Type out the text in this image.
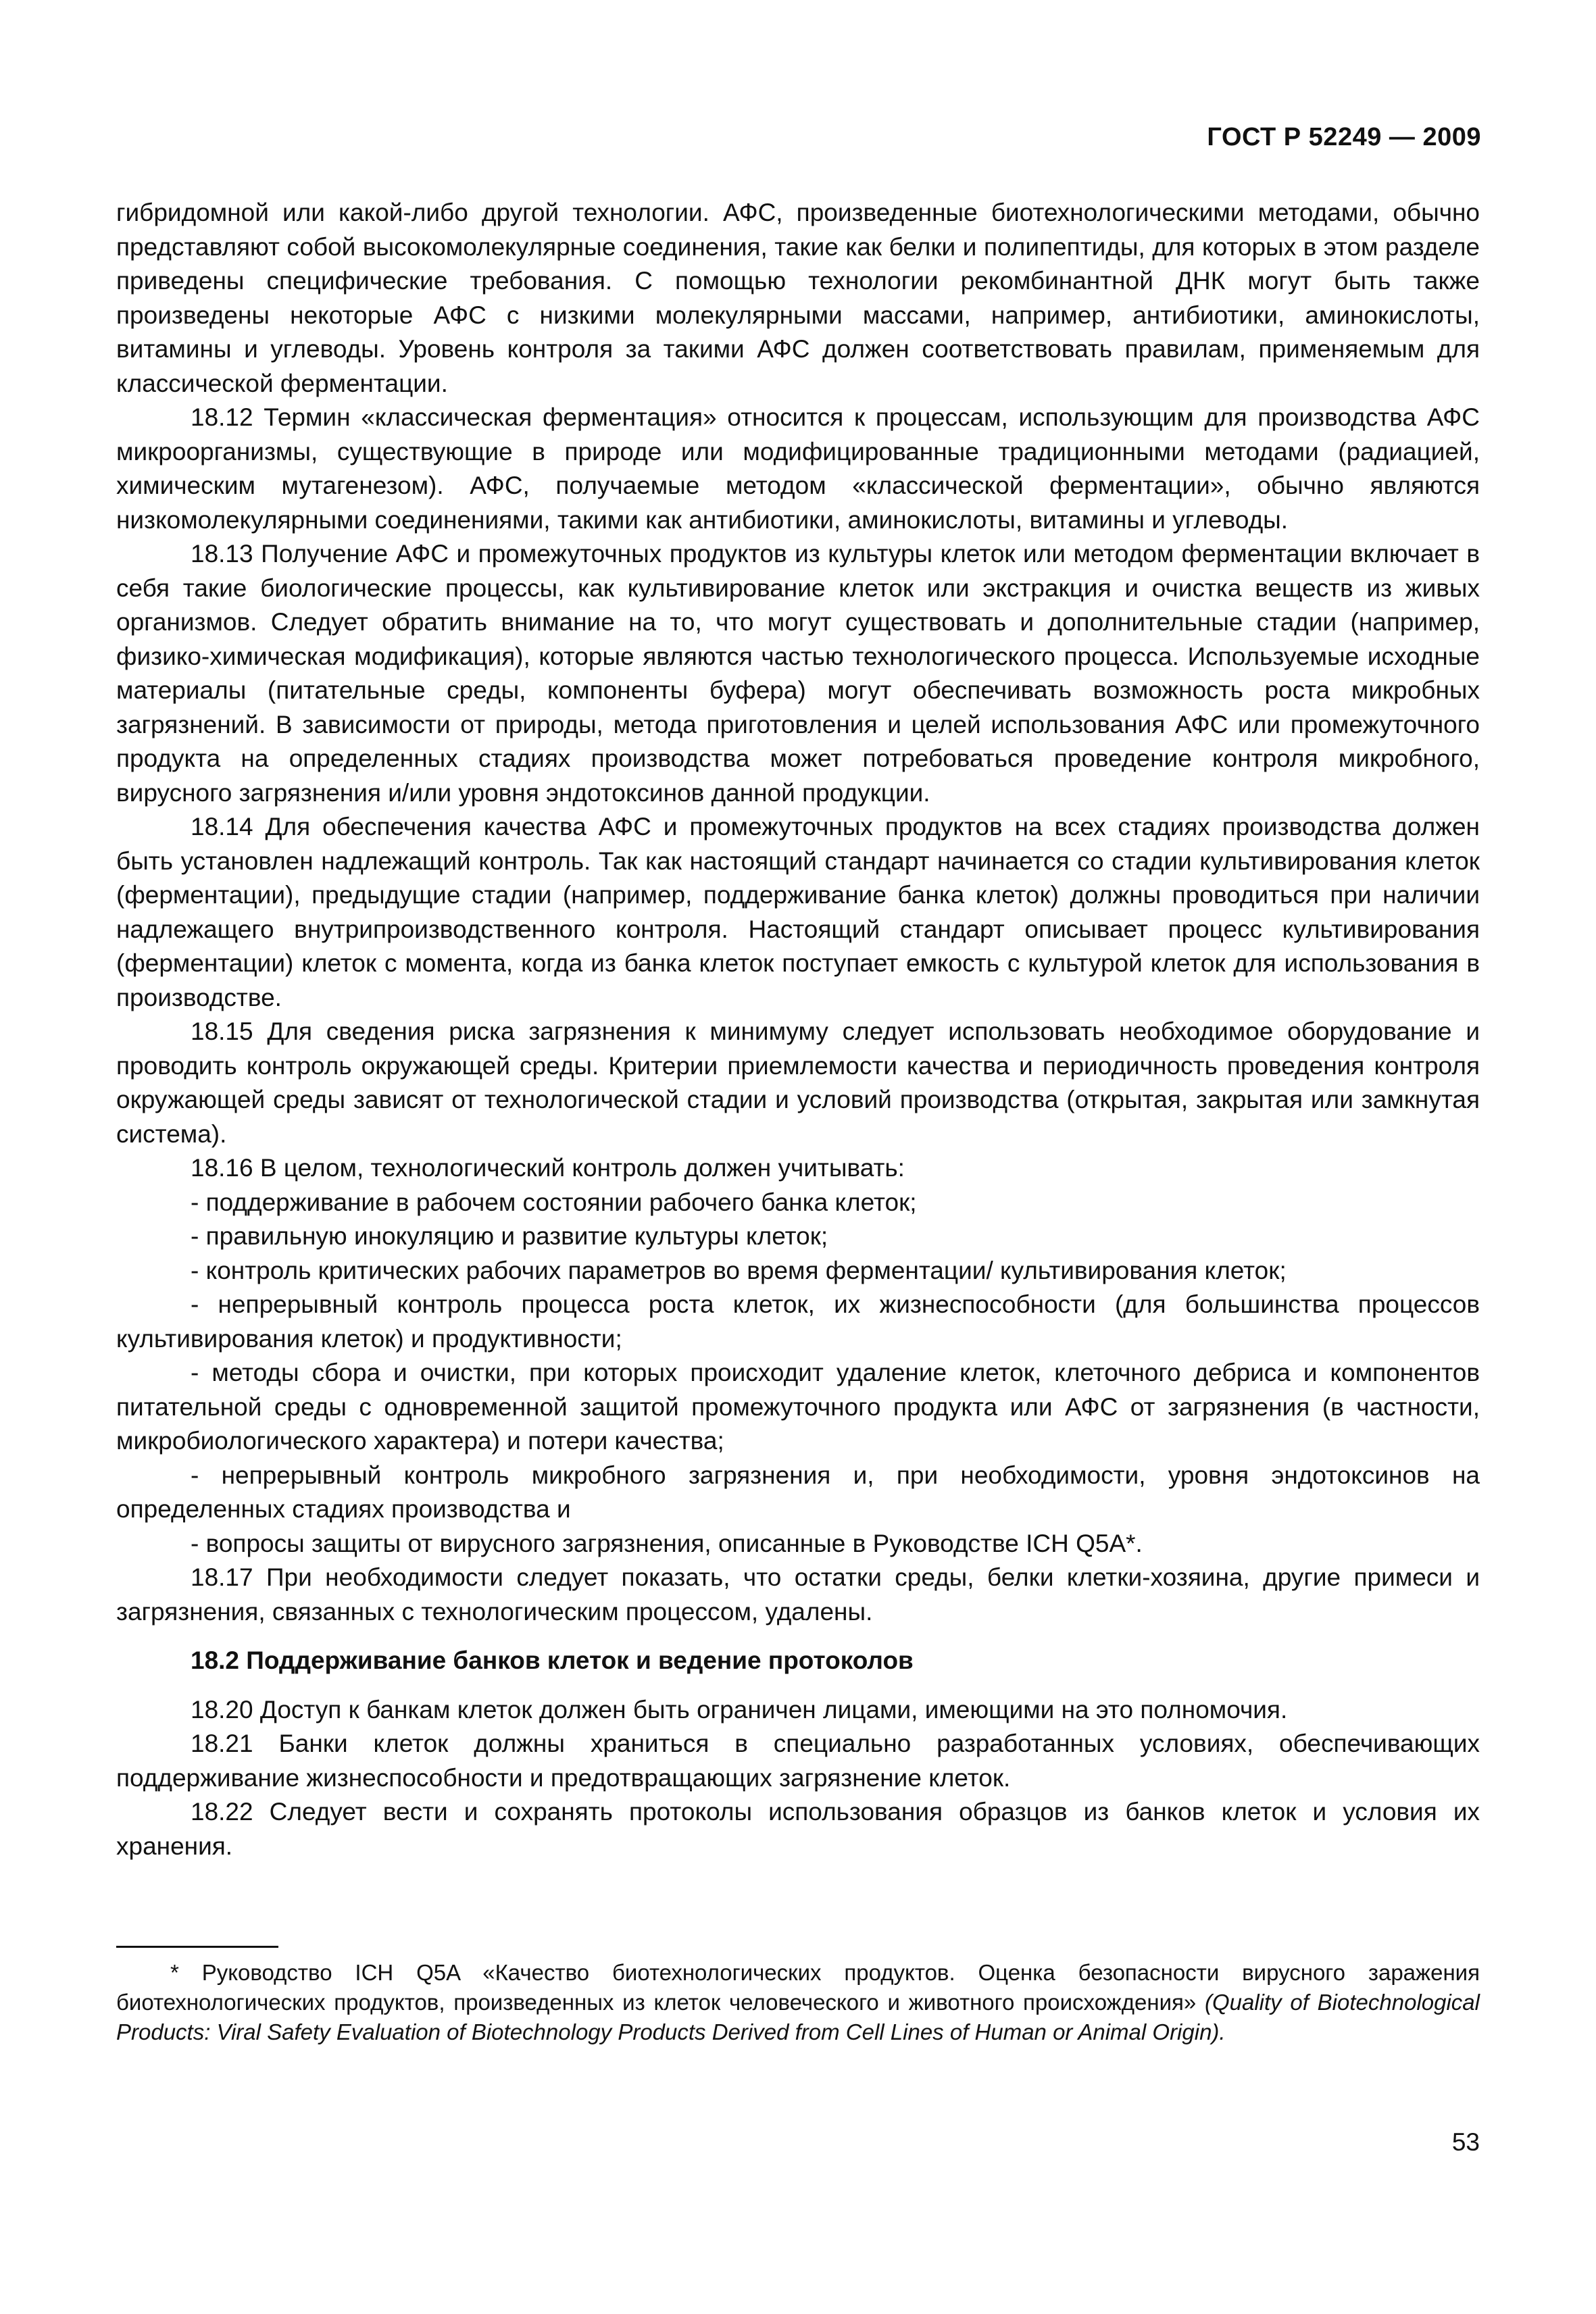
ГОСТ Р 52249 — 2009

гибридомной или какой-либо другой технологии. АФС, произведенные биотехнологическими методами, обычно представляют собой высокомолекулярные соединения, такие как белки и полипептиды, для которых в этом разделе приведены специфические требования. С помощью технологии рекомбинантной ДНК могут быть также произведены некоторые АФС с низкими молекулярными массами, например, антибиотики, аминокислоты, витамины и углеводы. Уровень контроля за такими АФС должен соответствовать правилам, применяемым для классической ферментации.

18.12 Термин «классическая ферментация» относится к процессам, использующим для производства АФС микроорганизмы, существующие в природе или модифицированные традиционными методами (радиацией, химическим мутагенезом). АФС, получаемые методом «классической ферментации», обычно являются низкомолекулярными соединениями, такими как антибиотики, аминокислоты, витамины и углеводы.

18.13 Получение АФС и промежуточных продуктов из культуры клеток или методом ферментации включает в себя такие биологические процессы, как культивирование клеток или экстракция и очистка веществ из живых организмов. Следует обратить внимание на то, что могут существовать и дополнительные стадии (например, физико-химическая модификация), которые являются частью технологического процесса. Используемые исходные материалы (питательные среды, компоненты буфера) могут обеспечивать возможность роста микробных загрязнений. В зависимости от природы, метода приготовления и целей использования АФС или промежуточного продукта на определенных стадиях производства может потребоваться проведение контроля микробного, вирусного загрязнения и/или уровня эндотоксинов данной продукции.

18.14 Для обеспечения качества АФС и промежуточных продуктов на всех стадиях производства должен быть установлен надлежащий контроль. Так как настоящий стандарт начинается со стадии культивирования клеток (ферментации), предыдущие стадии (например, поддерживание банка клеток) должны проводиться при наличии надлежащего внутрипроизводственного контроля. Настоящий стандарт описывает процесс культивирования (ферментации) клеток с момента, когда из банка клеток поступает емкость с культурой клеток для использования в производстве.

18.15 Для сведения риска загрязнения к минимуму следует использовать необходимое оборудование и проводить контроль окружающей среды. Критерии приемлемости качества и периодичность проведения контроля окружающей среды зависят от технологической стадии и условий производства (открытая, закрытая или замкнутая система).

18.16 В целом, технологический контроль должен учитывать:

- поддерживание в рабочем состоянии рабочего банка клеток;

- правильную инокуляцию и развитие культуры клеток;

- контроль критических рабочих параметров во время ферментации/ культивирования клеток;

- непрерывный контроль процесса роста клеток, их жизнеспособности (для большинства процессов культивирования клеток) и продуктивности;

- методы сбора и очистки, при которых происходит удаление клеток, клеточного дебриса и компонентов питательной среды с одновременной защитой промежуточного продукта или АФС от загрязнения (в частности, микробиологического характера) и потери качества;

- непрерывный контроль микробного загрязнения и, при необходимости, уровня эндотоксинов на определенных стадиях производства и

- вопросы защиты от вирусного загрязнения, описанные в Руководстве ICH Q5A*.

18.17 При необходимости следует показать, что остатки среды, белки клетки-хозяина, другие примеси и загрязнения, связанных с технологическим процессом, удалены.

18.2 Поддерживание банков клеток и ведение протоколов

18.20 Доступ к банкам клеток должен быть ограничен лицами, имеющими на это полномочия.

18.21 Банки клеток должны храниться в специально разработанных условиях, обеспечивающих поддерживание жизнеспособности и предотвращающих загрязнение клеток.

18.22 Следует вести и сохранять протоколы использования образцов из банков клеток и условия их хранения.

* Руководство ICH Q5A «Качество биотехнологических продуктов. Оценка безопасности вирусного заражения биотехнологических продуктов, произведенных из клеток человеческого и животного происхождения» (Quality of Biotechnological Products: Viral Safety Evaluation of Biotechnology Products Derived from Cell Lines of Human or Animal Origin).
53
